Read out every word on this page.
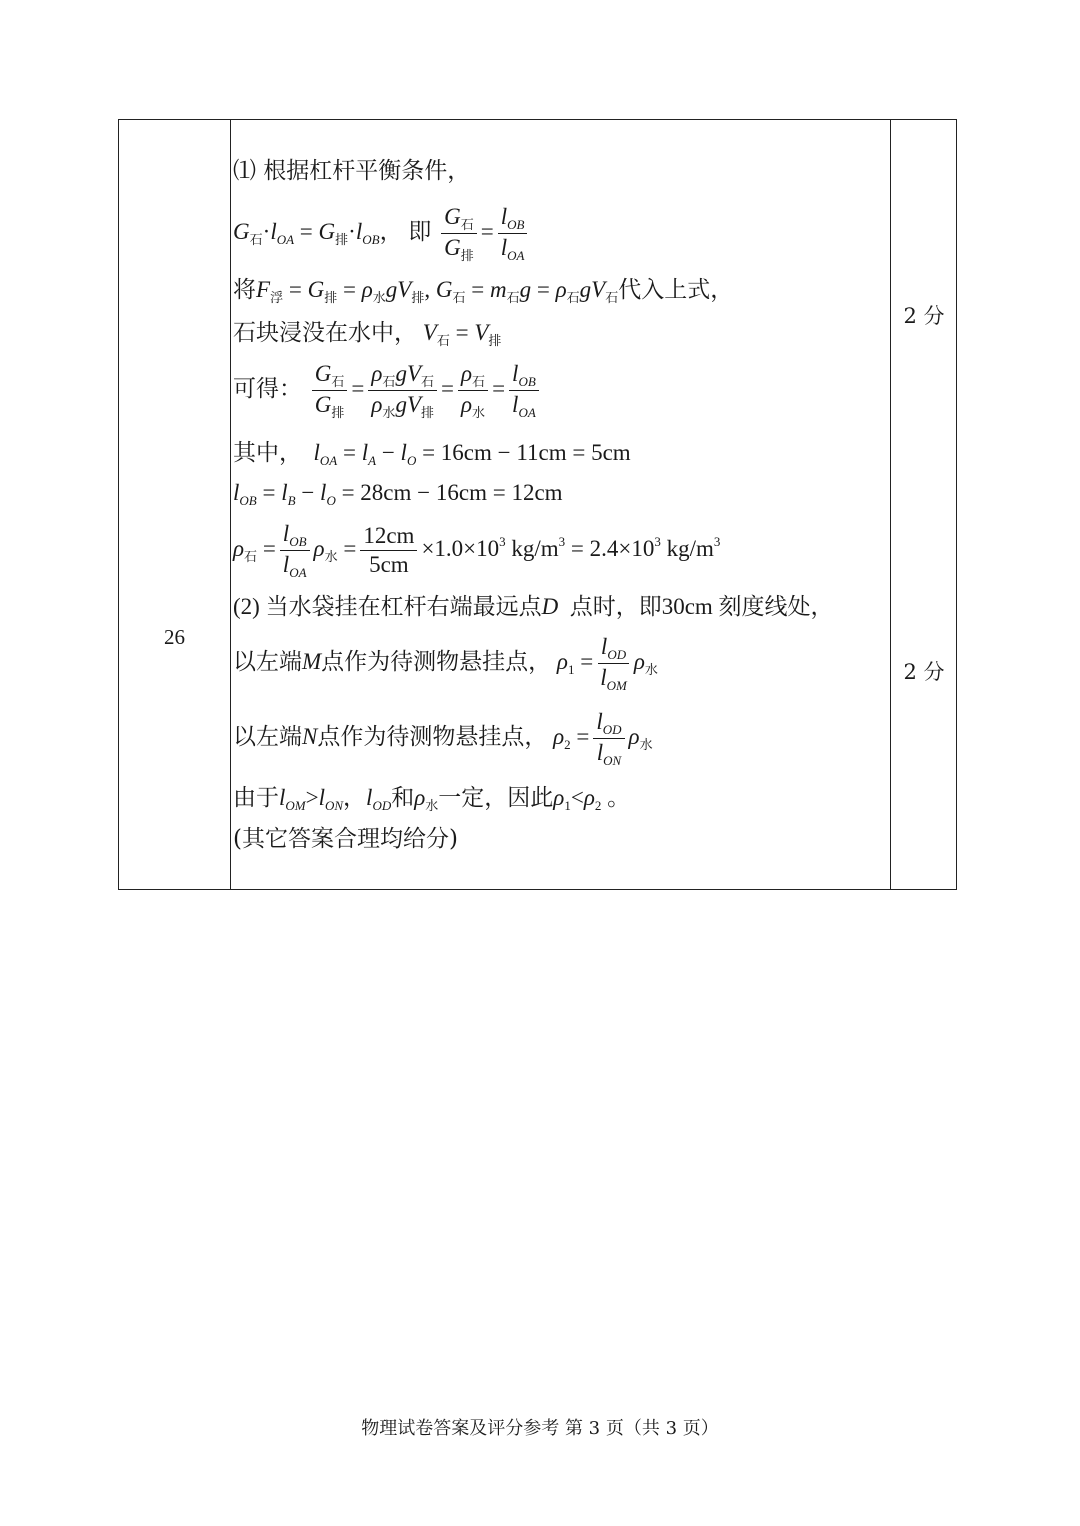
26
2 分
2 分
⑴ 根据杠杆平衡条件，
$G_石\cdot l_{OA} = G_排\cdot l_{OB}$， 即 $\frac{G_石}{G_排} = \frac{l_{OB}}{l_{OA}}$
将$F_浮 = G_排 = \rho_水gV_排$, $G_石 = m_石g = \rho_石gV_石$代入上式，
石块浸没在水中， $V_石 = V_排$
可得： $\frac{G_石}{G_排} = \frac{\rho_石gV_石}{\rho_水gV_排} = \frac{\rho_石}{\rho_水} = \frac{l_{OB}}{l_{OA}}$
其中， $l_{OA} = l_A - l_O = 16cm - 11cm = 5cm$
$l_{OB} = l_B - l_O = 28cm - 16cm = 12cm$
$\rho_石 = \frac{l_{OB}}{l_{OA}} \rho_水 = \frac{12cm}{5cm} \times 1.0\times 10^3$ $kg/m^3 = 2.4\times 10^3$ $kg/m^3$
(2) 当水袋挂在杠杆右端最远点D 点时，即30cm 刻度线处，
以左端M点作为待测物悬挂点， $\rho_1 = \frac{l_{OD}}{l_{OM}} \rho_水$
以左端N点作为待测物悬挂点， $\rho_2 = \frac{l_{OD}}{l_{ON}} \rho_水$
由于$l_{OM}>l_{ON}$，$l_{OD}$和$\rho_水$一定，因此$\rho_1<\rho_2$ 。
(其它答案合理均给分)
物理试卷答案及评分参考 第 3 页（共 3 页）
